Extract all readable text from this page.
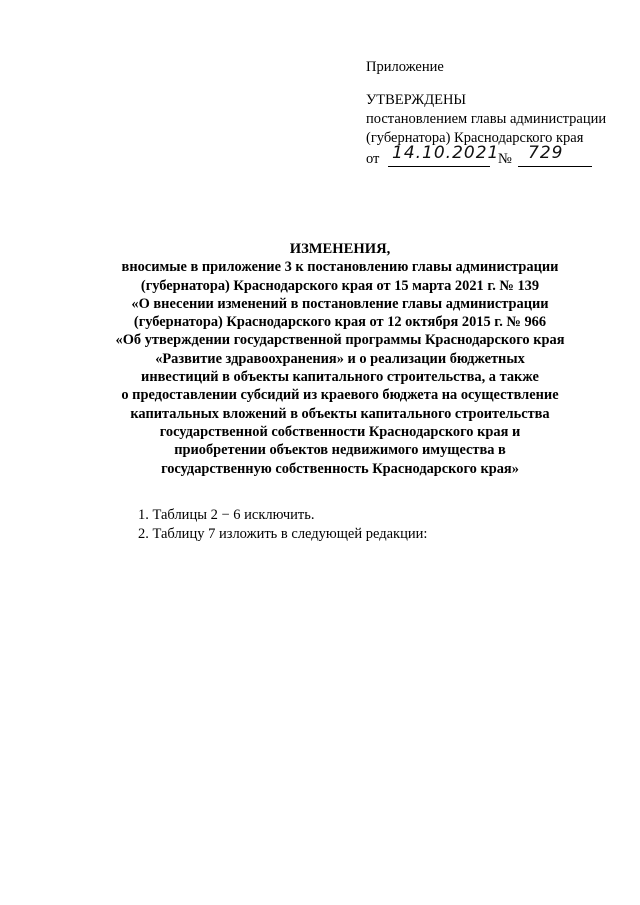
Приложение
УТВЕРЖДЕНЫ
постановлением главы администрации
(губернатора) Краснодарского края
от 14.10.2021
№ 729
ИЗМЕНЕНИЯ,
вносимые в приложение 3 к постановлению главы администрации
(губернатора) Краснодарского края от 15 марта 2021 г. № 139
«О внесении изменений в постановление главы администрации
(губернатора) Краснодарского края от 12 октября 2015 г. № 966
«Об утверждении государственной программы Краснодарского края
«Развитие здравоохранения» и о реализации бюджетных
инвестиций в объекты капитального строительства, а также
о предоставлении субсидий из краевого бюджета на осуществление
капитальных вложений в объекты капитального строительства
государственной собственности Краснодарского края и
приобретении объектов недвижимого имущества в
государственную собственность Краснодарского края»
1. Таблицы 2 − 6 исключить.
2. Таблицу 7 изложить в следующей редакции:
